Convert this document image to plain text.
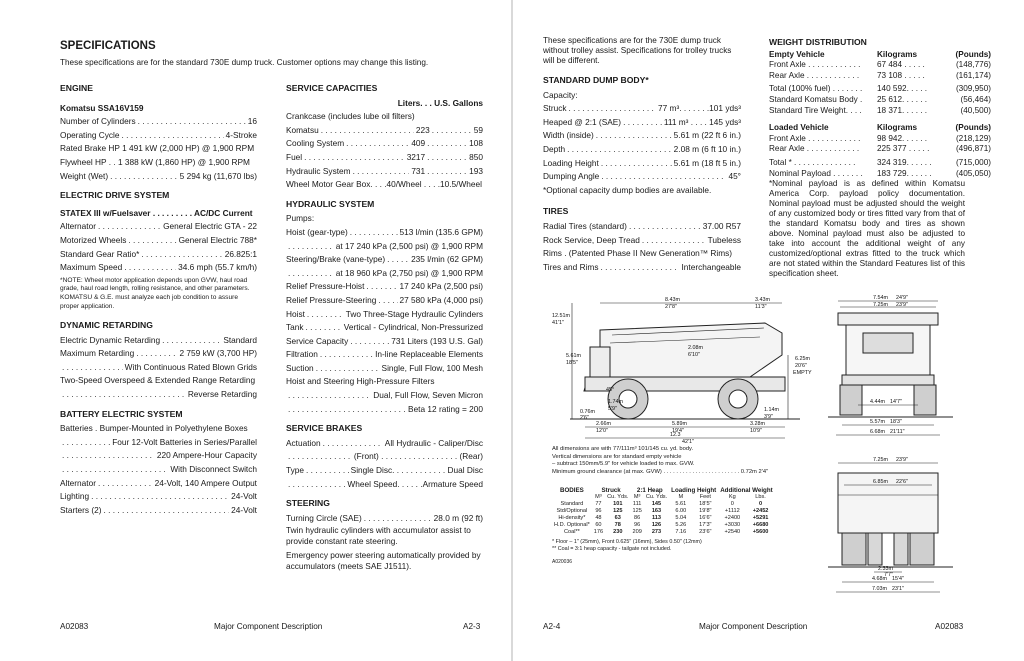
SPECIFICATIONS
These specifications are for the standard 730E dump truck. Customer options may change this listing.
ENGINE
Komatsu SSA16V159
Number of Cylinders . . .	16
Operating Cycle . . .	4-Stroke
Rated Brake HP 1 491 kW (2,000 HP) @ 1,900 RPM
Flywheel HP . . 1 388 kW (1,860 HP) @ 1,900 RPM
Weight (Wet) . . .	5 294 kg (11,670 lbs)
ELECTRIC DRIVE SYSTEM
STATEX III w/Fuelsaver . . . . . . . . . AC/DC Current
Alternator . . .	General Electric GTA - 22
Motorized Wheels . . .	General Electric 788*
Standard Gear Ratio* . . .	26.825:1
Maximum Speed . . .	34.6 mph (55.7 km/h)
*NOTE: Wheel motor application depends upon GVW, haul road grade, haul road length, rolling resistance, and other parameters. KOMATSU & G.E. must analyze each job condition to assure proper application.
DYNAMIC RETARDING
Electric Dynamic Retarding . . .	Standard
Maximum Retarding . . .	2 759 kW (3,700 HP)
. . .
With Continuous Rated Blown Grids
Two-Speed Overspeed & Extended Range Retarding
. . .
Reverse Retarding
BATTERY ELECTRIC SYSTEM
Batteries . Bumper-Mounted in Polyethylene Boxes
. . .
Four 12-Volt Batteries in Series/Parallel
. . .
220 Ampere-Hour Capacity
. . .
With Disconnect Switch
Alternator . . .	24-Volt, 140 Ampere Output
Lighting . . .	24-Volt
Starters (2) . . .	24-Volt
SERVICE CAPACITIES
Liters. . . U.S. Gallons
Crankcase (includes lube oil filters)
Komatsu . . .	223 . . .	59
Cooling System . . .	409 . . .	108
Fuel . . .	3217 . . .	850
Hydraulic System . . .	731 . . .	193
Wheel Motor Gear Box. . . .40/Wheel . . . .10.5/Wheel
HYDRAULIC SYSTEM
Pumps:
Hoist (gear-type) . . .	513 l/min (135.6 GPM)
. . .
at 17 240 kPa (2,500 psi) @ 1,900 RPM
Steering/Brake (vane-type) . . .	235 l/min (62 GPM)
. . .
at 18 960 kPa (2,750 psi) @ 1,900 RPM
Relief Pressure-Hoist . . .	17 240 kPa (2,500 psi)
Relief Pressure-Steering . . .	27 580 kPa (4,000 psi)
Hoist . . .	Two Three-Stage Hydraulic Cylinders
Tank . . .	Vertical - Cylindrical, Non-Pressurized
Service Capacity . . .	731 Liters (193 U.S. Gal)
Filtration . . .	In-line Replaceable Elements
Suction . . .	Single, Full Flow, 100 Mesh
Hoist and Steering High-Pressure Filters
. . .
Dual, Full Flow, Seven Micron
. . .
Beta 12 rating = 200
SERVICE BRAKES
Actuation . . .	All Hydraulic - Caliper/Disc
. . .
(Front) . . . . . . . . . . . . . . . . . (Rear)
Type . . .	Single Disc. . . . . . . . . . . . Dual Disc
. . .
Wheel Speed. . . . . .Armature Speed
STEERING
Turning Circle (SAE) . . .	28.0 m (92 ft)
Twin hydraulic cylinders with accumulator assist to provide constant rate steering.
Emergency power steering automatically provided by accumulators (meets SAE J1511).
A02083	Major Component Description	A2-3
These specifications are for the 730E dump truck without trolley assist. Specifications for trolley trucks will be different.
STANDARD DUMP BODY*
Capacity:
Struck . . .	77 m³. . . . . . .101 yds³
Heaped @ 2:1 (SAE) . . .	111 m³ . . . . 145 yds³
Width (inside) . . .	5.61 m (22 ft 6 in.)
Depth . . .	2.08 m (6 ft 10 in.)
Loading Height . . .	5.61 m (18 ft 5 in.)
Dumping Angle . . .	45°
*Optional capacity dump bodies are available.
TIRES
Radial Tires (standard) . . .	37.00 R57
Rock Service, Deep Tread . . .	Tubeless
Rims . (Patented Phase II New Generation™ Rims)
Tires and Rims . . .	Interchangeable
WEIGHT DISTRIBUTION
Empty Vehicle	Kilograms	(Pounds)
Front Axle . . . . . . . . . . . .	67 484 . . . . .	(148,776)
Rear Axle . . . . . . . . . . . .	73 108 . . . . .	(161,174)
Total (100% fuel) . . . . . . .	140 592. . . . .	(309,950)
Standard Komatsu Body .	25 612. . . . . .	(56,464)
Standard Tire Weight. . . .	18 371. . . . . .	(40,500)
Loaded Vehicle	Kilograms	(Pounds)
Front Axle . . . . . . . . . . . .	98 942. . . . . .	(218,129)
Rear Axle . . . . . . . . . . . .	225 377 . . . . .	(496,871)
Total * . . . . . . . . . . . . . .	324 319. . . . . .	(715,000)
Nominal Payload . . . . . . .	183 729. . . . . .	(405,050)
*Nominal payload is as defined within Komatsu America Corp. payload policy documentation. Nominal payload must be adjusted should the weight of any customized body or tires fitted vary from that of the standard Komatsu body and tires as shown above. Nominal payload must also be adjusted to take into account the additional weight of any customized/optional extras fitted to the truck which are not stated within the Standard Features list of this specification sheet.
8.43m
27'8"
3.43m
11'3"
12.51m
41'1"
5.61m
18'5"
2.08m
6'10"
6.25m
20'6"
EMPTY
45°
1.74m
5'9"
0.76m
2'6"
2.66m
12'0"
5.89m
19'4"
3.28m
10'9"
12.3
42'1"
1.14m
3'9"
7.54m 24'9"
7.25m 23'9"
4.44m 14'7"
5.57m 18'3"
6.68m 21'11"
7.25m 23'9"
6.85m 22'6"
2.33m
7'7"
4.68m 15'4"
7.03m 23'1"
All dimensions are with 77/111m³ 101/145 cu. yd. body.
Vertical dimensions are for standard empty vehicle
– subtract 150mm/5.9" for vehicle loaded to max. GVW.
Minimum ground clearance (at max. GVW) . . . . . . . . . . . . . . . . . . . . . . . . 0.72m 2'4"
BODIES	Struck		2:1 Heap		Loading Height		Additional Weight	
	M³	Cu. Yds.	M³	Cu. Yds.	M	Feet	Kg	Lbs.
Standard	77	101	111	145	5.61	18'5"	0	0
Std/Optional	96	125	125	163	6.00	19'8"	+1112	+2452
Hi-density*	48	63	86	113	5.04	16'6"	+2400	+5291
H.D. Optional*	60	78	96	126	5.26	17'3"	+3030	+6680
Coal**	176	230	209	273	7.16	23'6"	+2540	+5600
* Floor – 1" (25mm), Front 0.625" (16mm), Sides 0.50" (12mm)
** Coal = 3:1 heap capacity - tailgate not included.
A020036
A2-4	Major Component Description	A02083
